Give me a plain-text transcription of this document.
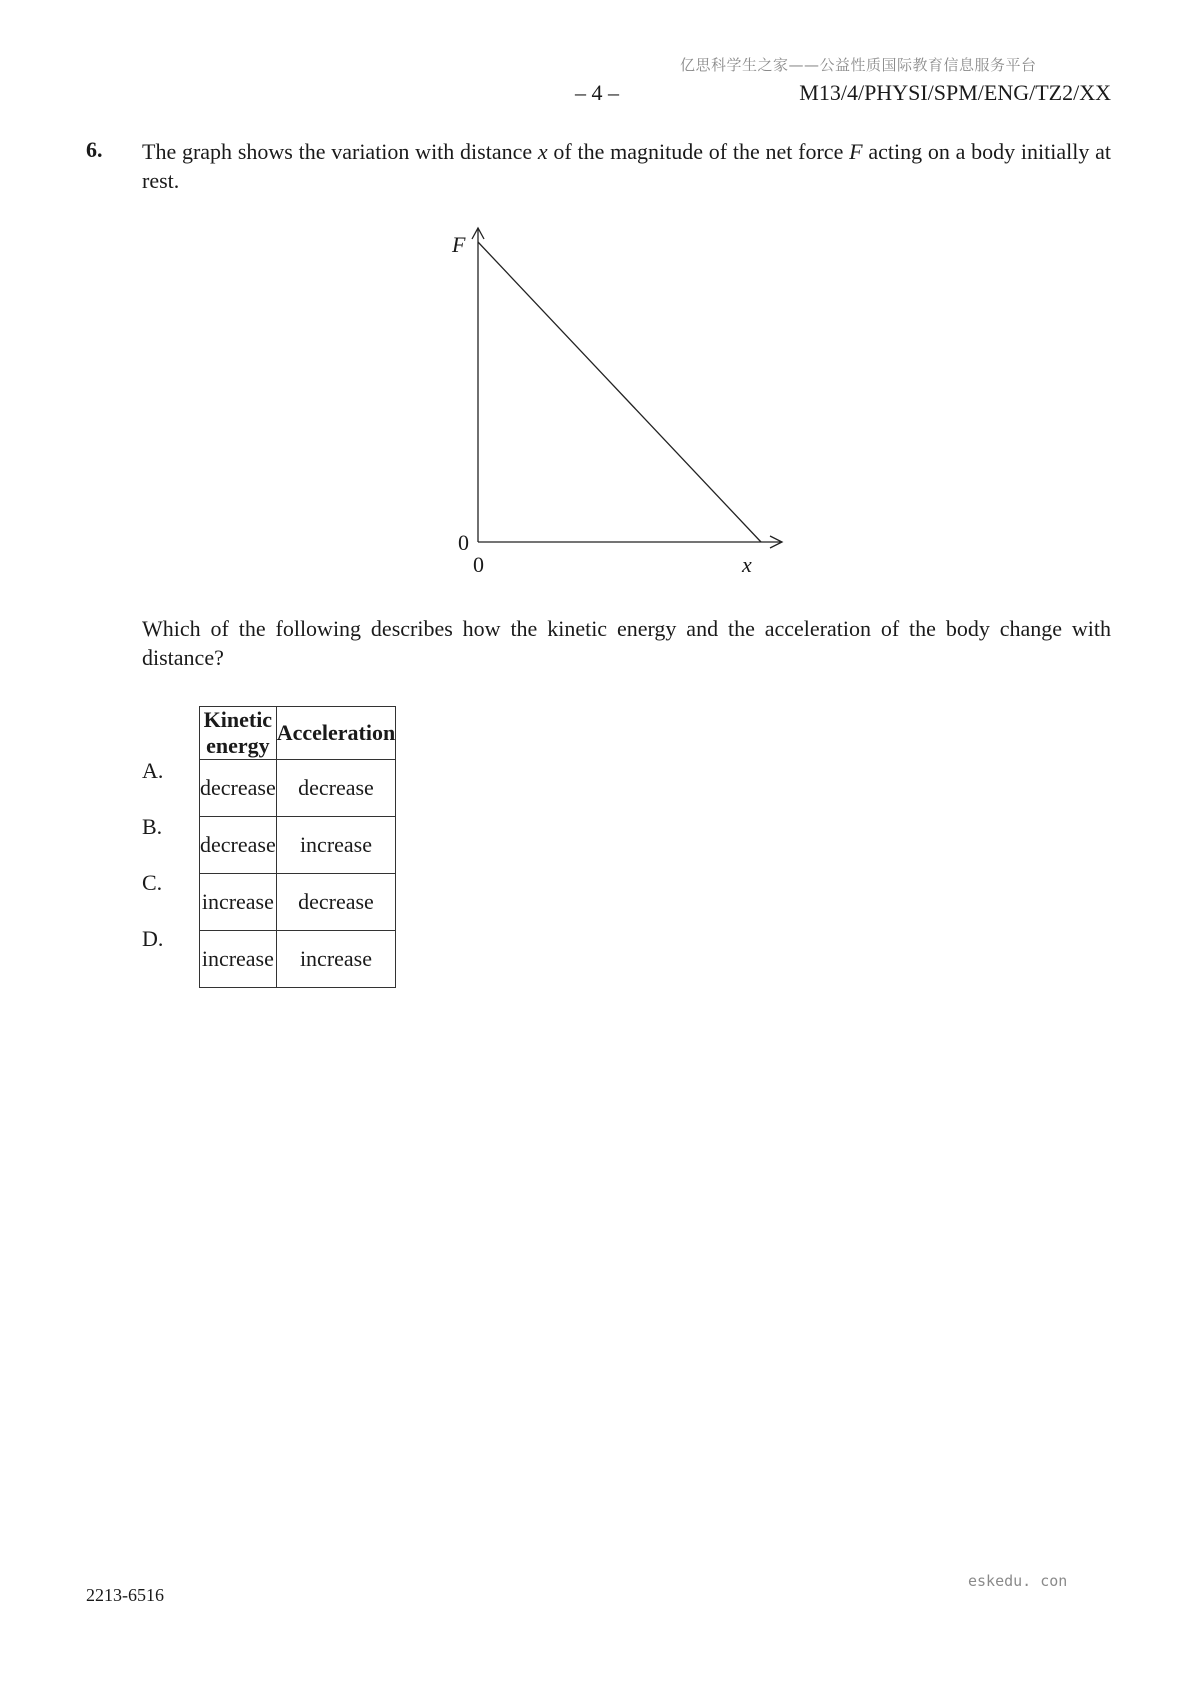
亿思科学生之家——公益性质国际教育信息服务平台
– 4 –	M13/4/PHYSI/SPM/ENG/TZ2/XX
6. The graph shows the variation with distance x of the magnitude of the net force F acting on a body initially at rest.
F
0
0	x
Which of the following describes how the kinetic energy and the acceleration of the body change with distance?
A.
B.
C.
D.
Kinetic energy	Acceleration
decrease	decrease
decrease	increase
increase	decrease
increase	increase
2213-6516
eskedu. con
